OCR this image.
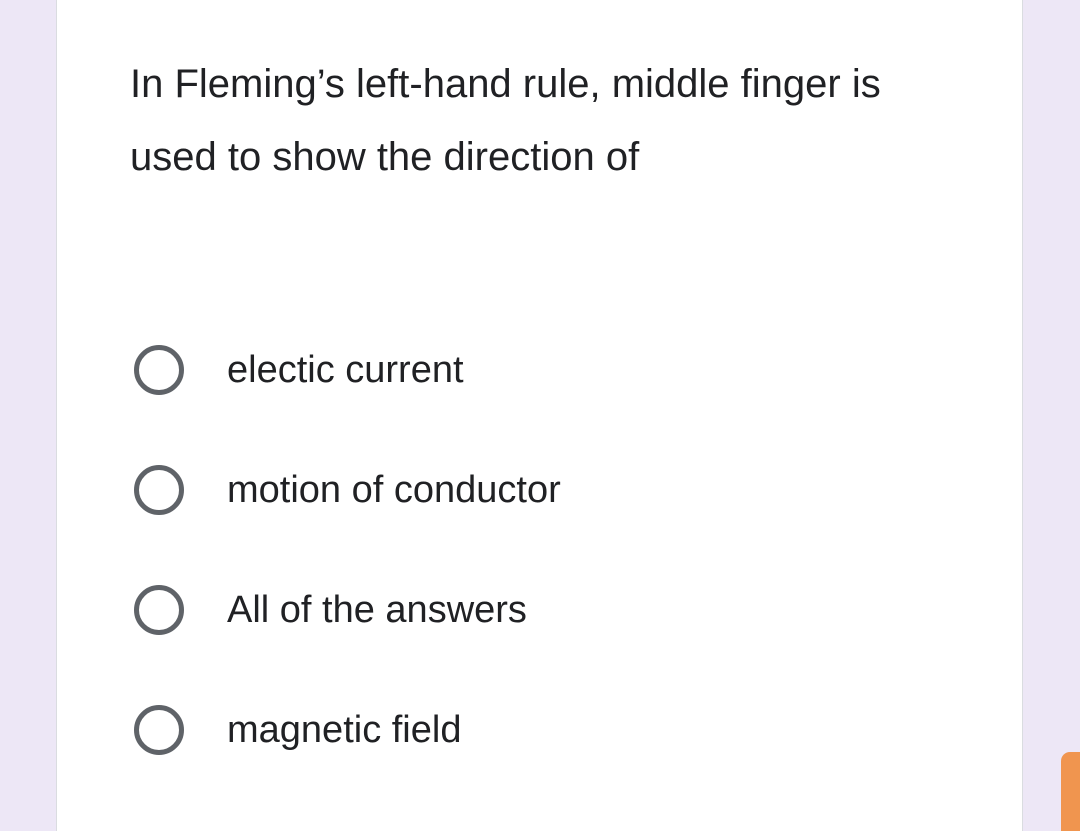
In Fleming’s left-hand rule, middle finger is used to show the direction of

electic current
motion of conductor
All of the answers
magnetic field
